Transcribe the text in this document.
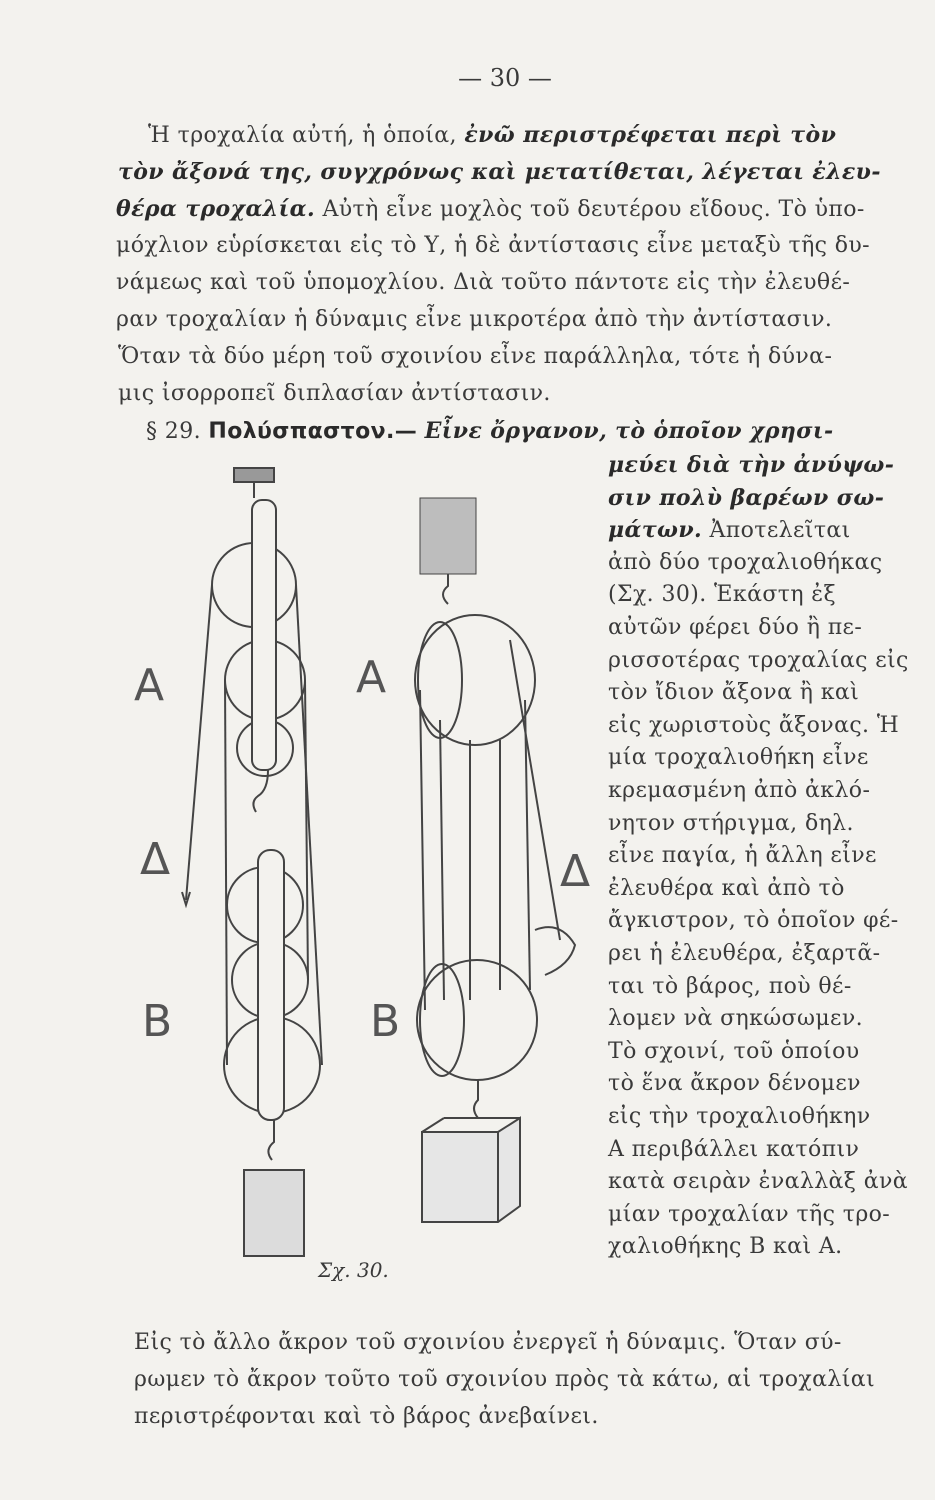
— 30 —
Ἡ τροχαλία αὐτή, ἡ ὁποία, ἐνῶ περιστρέφεται περὶ τὸν
τὸν ἄξονά της, συγχρόνως καὶ μετατίθεται, λέγεται ἐλευ-
θέρα τροχαλία. Αὐτὴ εἶνε μοχλὸς τοῦ δευτέρου εἴδους. Τὸ ὑπο-
μόχλιον εὑρίσκεται εἰς τὸ Υ, ἡ δὲ ἀντίστασις εἶνε μεταξὺ τῆς δυ-
νάμεως καὶ τοῦ ὑπομοχλίου. Διὰ τοῦτο πάντοτε εἰς τὴν ἐλευθέ-
ραν τροχαλίαν ἡ δύναμις εἶνε μικροτέρα ἀπὸ τὴν ἀντίστασιν.
Ὅταν τὰ δύο μέρη τοῦ σχοινίου εἶνε παράλληλα, τότε ἡ δύνα-
μις ἰσορροπεῖ διπλασίαν ἀντίστασιν.
§ 29. Πολύσπαστον.— Εἶνε ὄργανον, τὸ ὁποῖον χρησι-
μεύει διὰ τὴν ἀνύψω-
σιν πολὺ βαρέων σω-
μάτων. Ἀποτελεῖται
ἀπὸ δύο τροχαλιοθήκας
(Σχ. 30). Ἑκάστη ἐξ
αὐτῶν φέρει δύο ἢ πε-
ρισσοτέρας τροχαλίας εἰς
τὸν ἴδιον ἄξονα ἢ καὶ
εἰς χωριστοὺς ἄξονας. Ἡ
μία τροχαλιοθήκη εἶνε
κρεμασμένη ἀπὸ ἀκλό-
νητον στήριγμα, δηλ.
εἶνε παγία, ἡ ἄλλη εἶνε
ἐλευθέρα καὶ ἀπὸ τὸ
ἄγκιστρον, τὸ ὁποῖον φέ-
ρει ἡ ἐλευθέρα, ἐξαρτᾶ-
ται τὸ βάρος, ποὺ θέ-
λομεν νὰ σηκώσωμεν.
Τὸ σχοινί, τοῦ ὁποίου
τὸ ἕνα ἄκρον δένομεν
εἰς τὴν τροχαλιοθήκην
Α περιβάλλει κατόπιν
κατὰ σειρὰν ἐναλλὰξ ἀνὰ
μίαν τροχαλίαν τῆς τρο-
χαλιοθήκης Β καὶ Α.
Εἰς τὸ ἄλλο ἄκρον τοῦ σχοινίου ἐνεργεῖ ἡ δύναμις. Ὅταν σύ-
ρωμεν τὸ ἄκρον τοῦτο τοῦ σχοινίου πρὸς τὰ κάτω, αἱ τροχαλίαι
περιστρέφονται καὶ τὸ βάρος ἀνεβαίνει.
A
Δ
B
A
B
Δ
Σχ. 30.
